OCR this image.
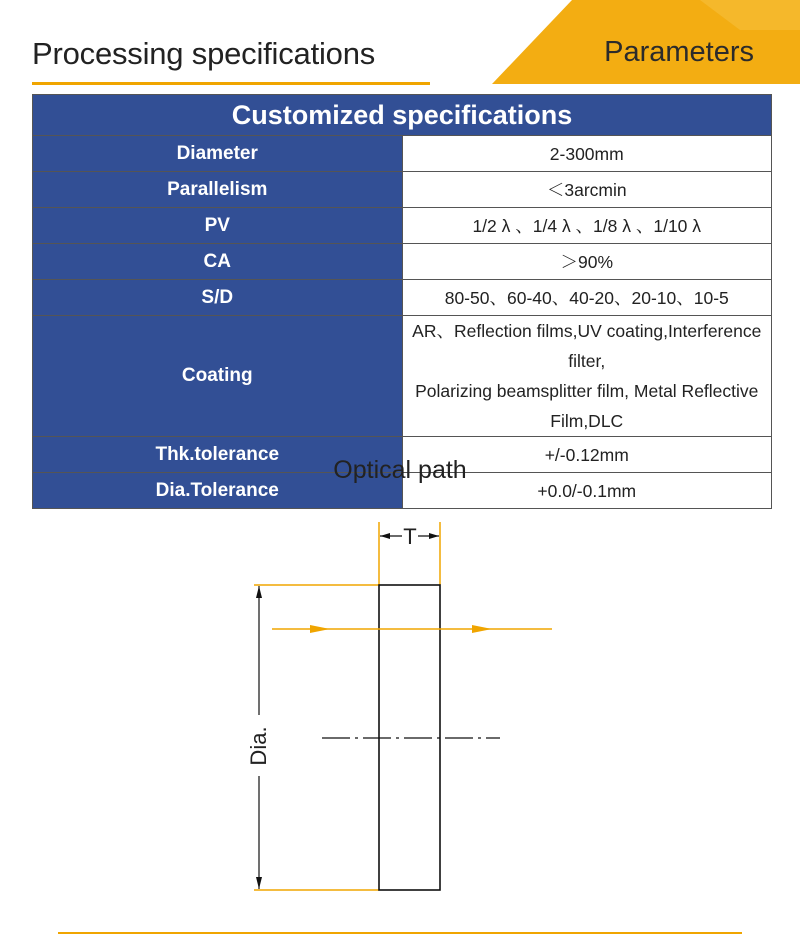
Processing specifications	Parameters
Customized specifications	
Diameter	2-300mm
Parallelism	＜3arcmin
PV	1/2 λ 、1/4 λ 、1/8 λ 、1/10 λ
CA	＞90%
S/D	80-50、60-40、40-20、20-10、10-5
Coating	AR、Reflection films,UV coating,Interference filter,
Polarizing beamsplitter film, Metal Reflective Film,DLC

Thk.tolerance	+/-0.12mm
Dia.Tolerance	+0.0/-0.1mm
Optical path
T
Dia.
